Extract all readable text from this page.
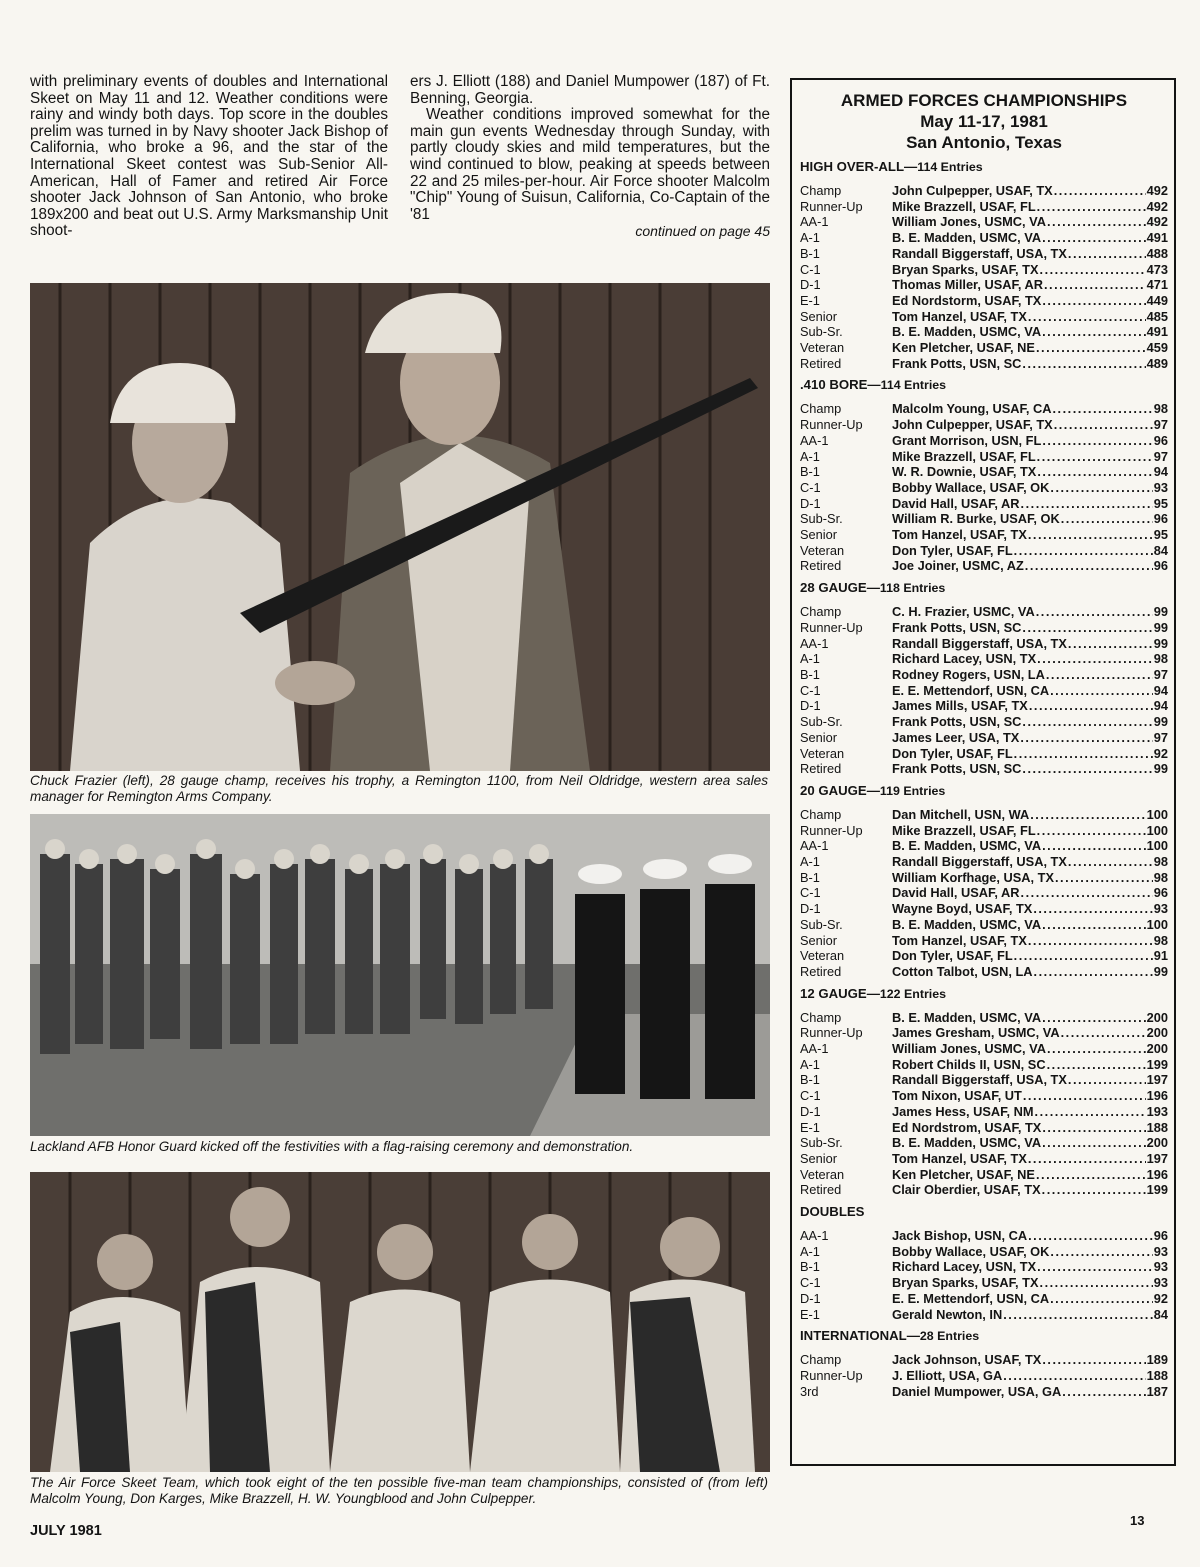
with preliminary events of doubles and International Skeet on May 11 and 12. Weather conditions were rainy and windy both days. Top score in the doubles prelim was turned in by Navy shooter Jack Bishop of California, who broke a 96, and the star of the International Skeet contest was Sub-Senior All-American, Hall of Famer and retired Air Force shooter Jack Johnson of San Antonio, who broke 189x200 and beat out U.S. Army Marksmanship Unit shoot-

ers J. Elliott (188) and Daniel Mumpower (187) of Ft. Benning, Georgia.

Weather conditions improved somewhat for the main gun events Wednesday through Sunday, with partly cloudy skies and mild temperatures, but the wind continued to blow, peaking at speeds between 22 and 25 miles-per-hour. Air Force shooter Malcolm "Chip" Young of Suisun, California, Co-Captain of the '81

continued on page 45

Chuck Frazier (left), 28 gauge champ, receives his trophy, a Remington 1100, from Neil Oldridge, western area sales manager for Remington Arms Company.
Lackland AFB Honor Guard kicked off the festivities with a flag-raising ceremony and demonstration.
The Air Force Skeet Team, which took eight of the ten possible five-man team championships, consisted of (from left) Malcolm Young, Don Karges, Mike Brazzell, H. W. Youngblood and John Culpepper.
ARMED FORCES CHAMPIONSHIPS
May 11-17, 1981
San Antonio, Texas
HIGH OVER-ALL—114 Entries
Champ	John Culpepper, USAF, TX .....	492
Runner-Up	Mike Brazzell, USAF, FL .....	492
AA-1	William Jones, USMC, VA .....	492
A-1	B. E. Madden, USMC, VA .....	491
B-1	Randall Biggerstaff, USA, TX .....	488
C-1	Bryan Sparks, USAF, TX .....	473
D-1	Thomas Miller, USAF, AR .....	471
E-1	Ed Nordstorm, USAF, TX .....	449
Senior	Tom Hanzel, USAF, TX .....	485
Sub-Sr.	B. E. Madden, USMC, VA .....	491
Veteran	Ken Pletcher, USAF, NE .....	459
Retired	Frank Potts, USN, SC .....	489
.410 BORE—114 Entries
Champ	Malcolm Young, USAF, CA .....	98
Runner-Up	John Culpepper, USAF, TX .....	97
AA-1	Grant Morrison, USN, FL .....	96
A-1	Mike Brazzell, USAF, FL .....	97
B-1	W. R. Downie, USAF, TX .....	94
C-1	Bobby Wallace, USAF, OK .....	93
D-1	David Hall, USAF, AR .....	95
Sub-Sr.	William R. Burke, USAF, OK .....	96
Senior	Tom Hanzel, USAF, TX .....	95
Veteran	Don Tyler, USAF, FL .....	84
Retired	Joe Joiner, USMC, AZ .....	96
28 GAUGE—118 Entries
Champ	C. H. Frazier, USMC, VA .....	99
Runner-Up	Frank Potts, USN, SC .....	99
AA-1	Randall Biggerstaff, USA, TX .....	99
A-1	Richard Lacey, USN, TX .....	98
B-1	Rodney Rogers, USN, LA .....	97
C-1	E. E. Mettendorf, USN, CA .....	94
D-1	James Mills, USAF, TX .....	94
Sub-Sr.	Frank Potts, USN, SC .....	99
Senior	James Leer, USA, TX .....	97
Veteran	Don Tyler, USAF, FL .....	92
Retired	Frank Potts, USN, SC .....	99
20 GAUGE—119 Entries
Champ	Dan Mitchell, USN, WA .....	100
Runner-Up	Mike Brazzell, USAF, FL .....	100
AA-1	B. E. Madden, USMC, VA .....	100
A-1	Randall Biggerstaff, USA, TX .....	98
B-1	William Korfhage, USA, TX .....	98
C-1	David Hall, USAF, AR .....	96
D-1	Wayne Boyd, USAF, TX .....	93
Sub-Sr.	B. E. Madden, USMC, VA .....	100
Senior	Tom Hanzel, USAF, TX .....	98
Veteran	Don Tyler, USAF, FL .....	91
Retired	Cotton Talbot, USN, LA .....	99
12 GAUGE—122 Entries
Champ	B. E. Madden, USMC, VA .....	200
Runner-Up	James Gresham, USMC, VA .....	200
AA-1	William Jones, USMC, VA .....	200
A-1	Robert Childs II, USN, SC .....	199
B-1	Randall Biggerstaff, USA, TX .....	197
C-1	Tom Nixon, USAF, UT .....	196
D-1	James Hess, USAF, NM .....	193
E-1	Ed Nordstrom, USAF, TX .....	188
Sub-Sr.	B. E. Madden, USMC, VA .....	200
Senior	Tom Hanzel, USAF, TX .....	197
Veteran	Ken Pletcher, USAF, NE .....	196
Retired	Clair Oberdier, USAF, TX .....	199
DOUBLES
AA-1	Jack Bishop, USN, CA .....	96
A-1	Bobby Wallace, USAF, OK .....	93
B-1	Richard Lacey, USN, TX .....	93
C-1	Bryan Sparks, USAF, TX .....	93
D-1	E. E. Mettendorf, USN, CA .....	92
E-1	Gerald Newton, IN .....	84
INTERNATIONAL—28 Entries
Champ	Jack Johnson, USAF, TX .....	189
Runner-Up	J. Elliott, USA, GA .....	188
3rd	Daniel Mumpower, USA, GA .....	187
JULY 1981
13
